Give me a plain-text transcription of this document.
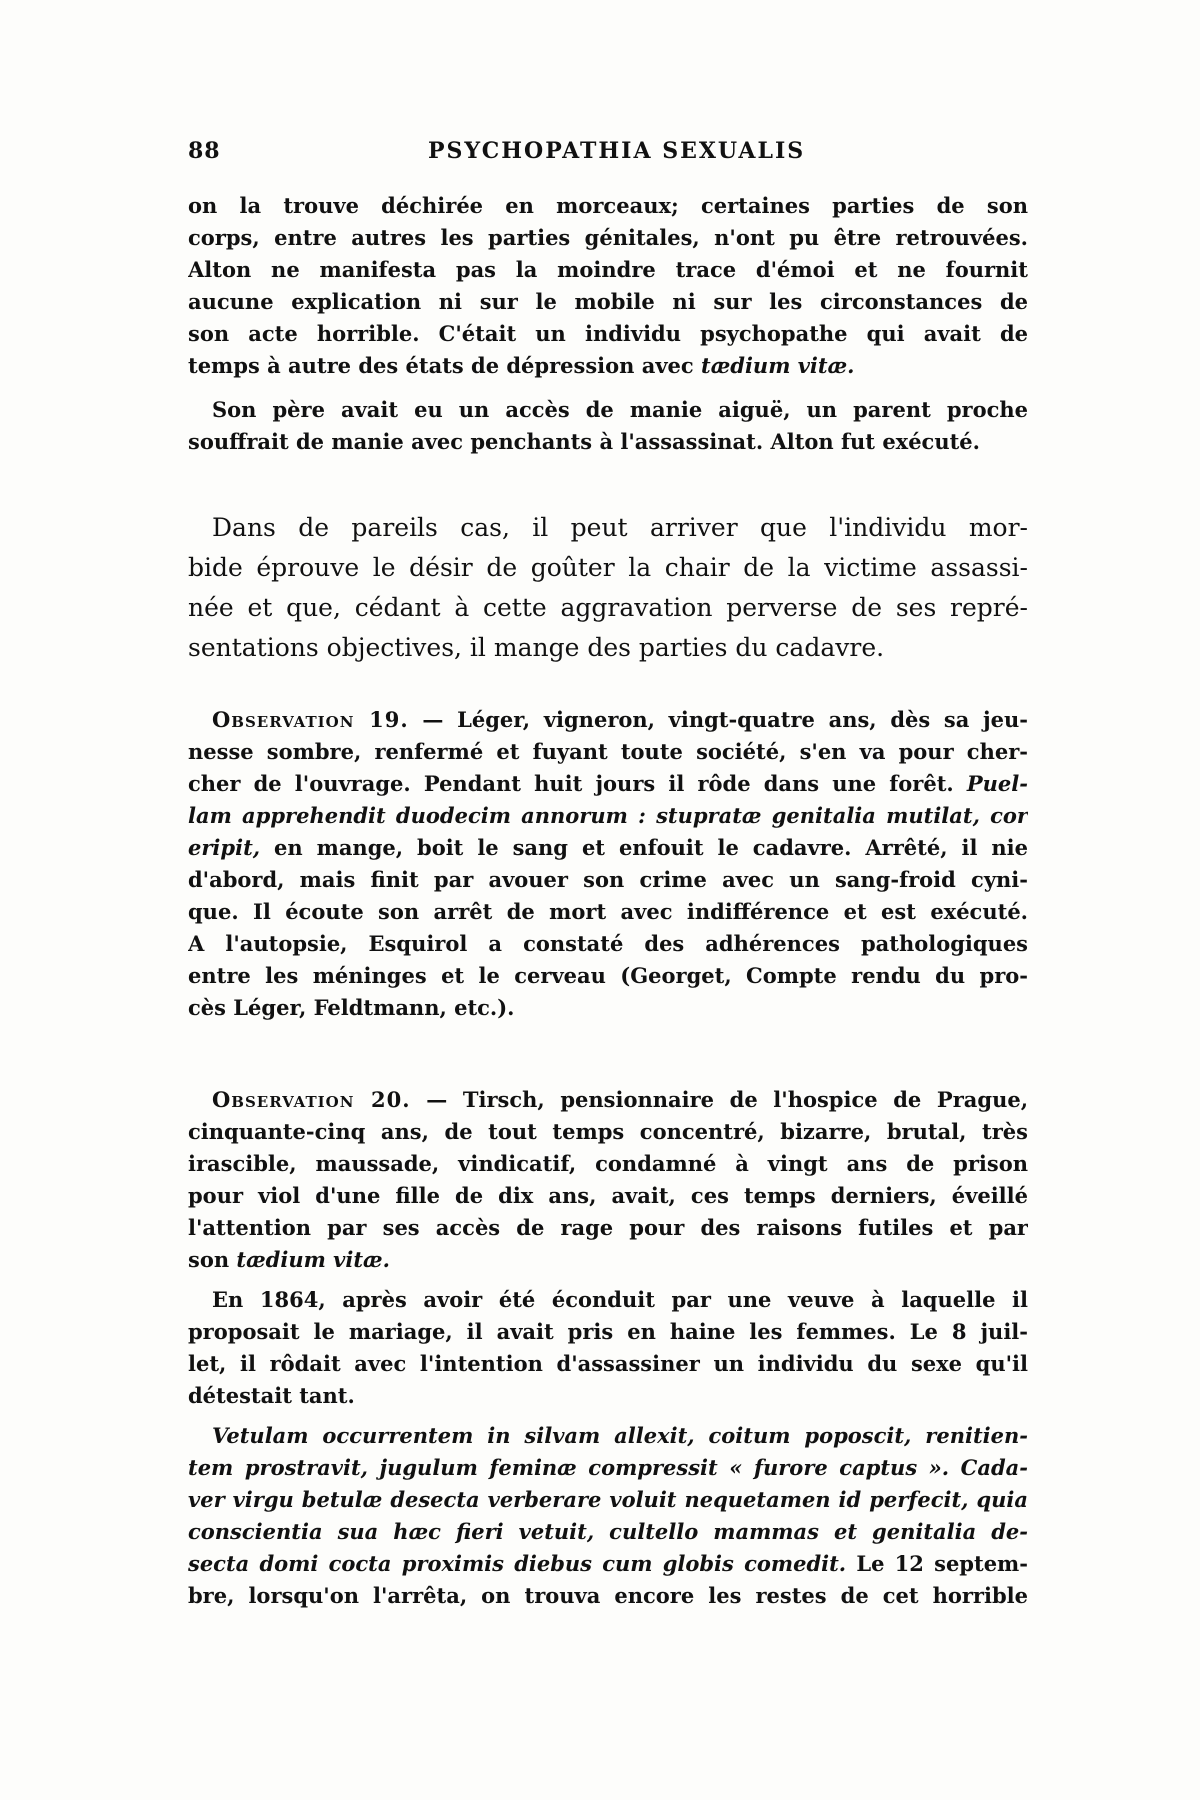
88	PSYCHOPATHIA SEXUALIS
on la trouve déchirée en morceaux; certaines parties de son
corps, entre autres les parties génitales, n'ont pu être retrouvées.
Alton ne manifesta pas la moindre trace d'émoi et ne fournit
aucune explication ni sur le mobile ni sur les circonstances de
son acte horrible. C'était un individu psychopathe qui avait de
temps à autre des états de dépression avec tædium vitæ.
Son père avait eu un accès de manie aiguë, un parent proche
souffrait de manie avec penchants à l'assassinat. Alton fut exécuté.
Dans de pareils cas, il peut arriver que l'individu mor-
bide éprouve le désir de goûter la chair de la victime assassi-
née et que, cédant à cette aggravation perverse de ses repré-
sentations objectives, il mange des parties du cadavre.
Observation 19. — Léger, vigneron, vingt-quatre ans, dès sa jeu-
nesse sombre, renfermé et fuyant toute société, s'en va pour cher-
cher de l'ouvrage. Pendant huit jours il rôde dans une forêt. Puel-
lam apprehendit duodecim annorum : stupratæ genitalia mutilat, cor
eripit, en mange, boit le sang et enfouit le cadavre. Arrêté, il nie
d'abord, mais finit par avouer son crime avec un sang-froid cyni-
que. Il écoute son arrêt de mort avec indifférence et est exécuté.
A l'autopsie, Esquirol a constaté des adhérences pathologiques
entre les méninges et le cerveau (Georget, Compte rendu du pro-
cès Léger, Feldtmann, etc.).
Observation 20. — Tirsch, pensionnaire de l'hospice de Prague,
cinquante-cinq ans, de tout temps concentré, bizarre, brutal, très
irascible, maussade, vindicatif, condamné à vingt ans de prison
pour viol d'une fille de dix ans, avait, ces temps derniers, éveillé
l'attention par ses accès de rage pour des raisons futiles et par
son tædium vitæ.
En 1864, après avoir été éconduit par une veuve à laquelle il
proposait le mariage, il avait pris en haine les femmes. Le 8 juil-
let, il rôdait avec l'intention d'assassiner un individu du sexe qu'il
détestait tant.
Vetulam occurrentem in silvam allexit, coitum poposcit, renitien-
tem prostravit, jugulum feminæ compressit « furore captus ». Cada-
ver virgu betulæ desecta verberare voluit nequetamen id perfecit, quia
conscientia sua hæc fieri vetuit, cultello mammas et genitalia de-
secta domi cocta proximis diebus cum globis comedit. Le 12 septem-
bre, lorsqu'on l'arrêta, on trouva encore les restes de cet horrible
